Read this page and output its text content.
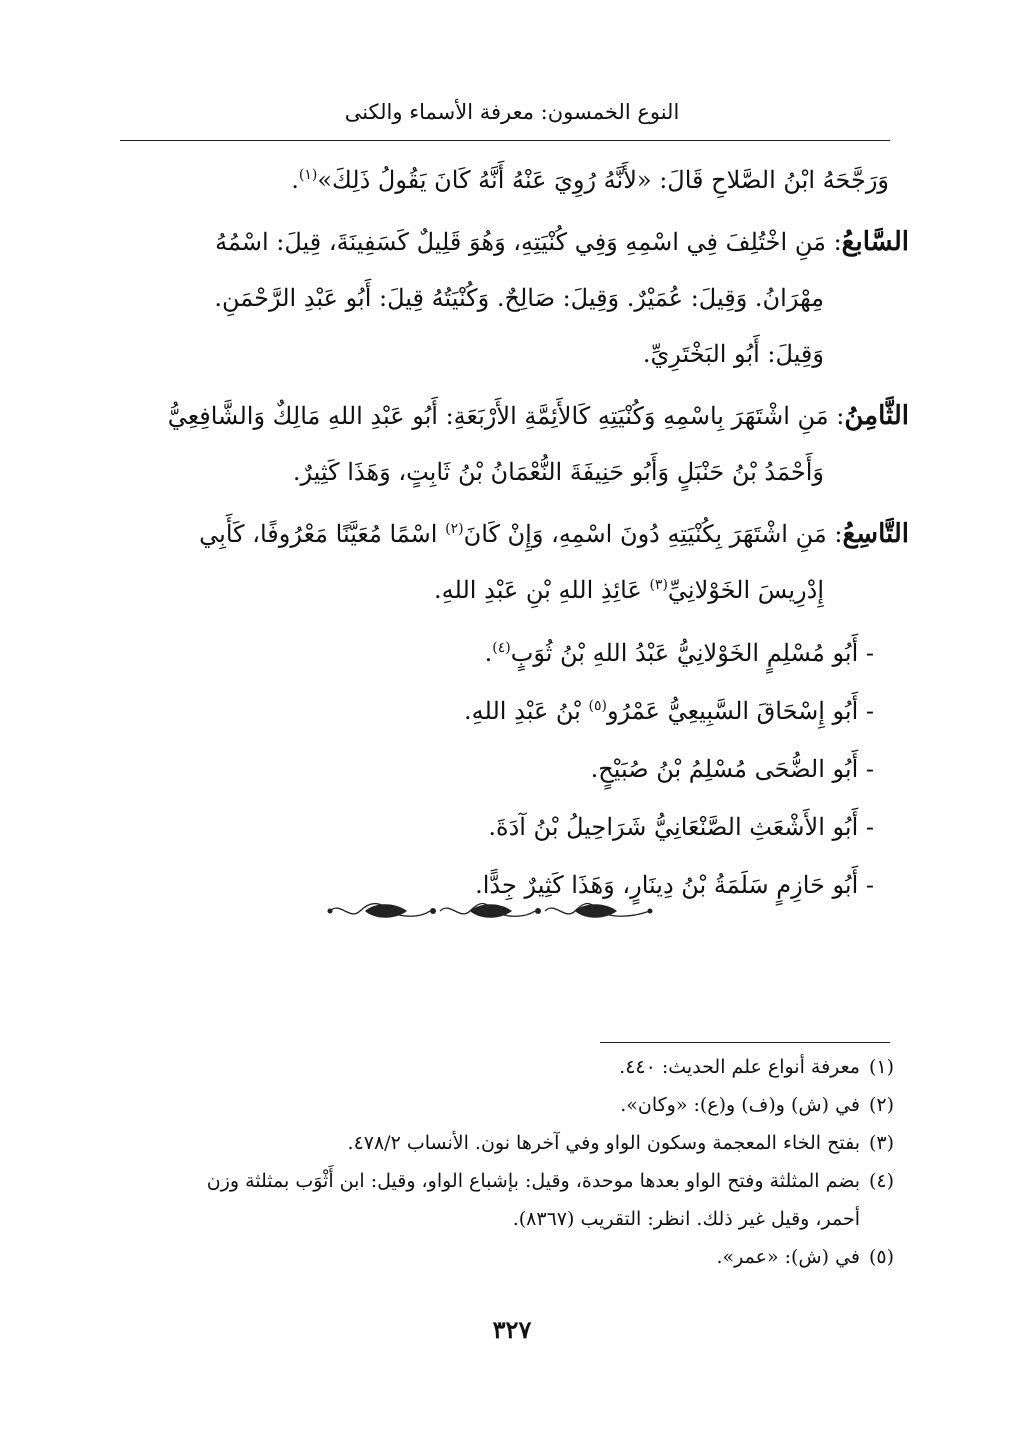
النوع الخمسون: معرفة الأسماء والكنى

وَرَجَّحَهُ ابْنُ الصَّلاحِ قَالَ: «لأَنَّهُ رُوِيَ عَنْهُ أَنَّهُ كَانَ يَقُولُ ذَلِكَ»$^{(١)}$.

السَّابعُ: مَنِ اخْتُلِفَ فِي اسْمِهِ وَفِي كُنْيَتِهِ، وَهُوَ قَلِيلٌ كَسَفِينَةَ، قِيلَ: اسْمُهُ
مِهْرَانُ. وَقِيلَ: عُمَيْرٌ. وَقِيلَ: صَالِحٌ. وَكُنْيَتُهُ قِيلَ: أَبُو عَبْدِ الرَّحْمَنِ.
وَقِيلَ: أَبُو البَخْتَرِيِّ.
الثَّامِنُ: مَنِ اشْتَهَرَ بِاسْمِهِ وَكُنْيَتِهِ كَالأَئِمَّةِ الأَرْبَعَةِ: أَبُو عَبْدِ اللهِ مَالِكٌ وَالشَّافِعِيُّ
وَأَحْمَدُ بْنُ حَنْبَلٍ وَأَبُو حَنِيفَةَ النُّعْمَانُ بْنُ ثَابِتٍ، وَهَذَا كَثِيرٌ.
التَّاسِعُ: مَنِ اشْتَهَرَ بِكُنْيَتِهِ دُونَ اسْمِهِ، وَإِنْ كَانَ$^{(٢)}$ اسْمًا مُعَيَّنًا مَعْرُوفًا، كَأَبِي
إِدْرِيسَ الخَوْلانِيِّ$^{(٣)}$ عَائِذِ اللهِ بْنِ عَبْدِ اللهِ.

- أَبُو مُسْلِمٍ الخَوْلانِيُّ عَبْدُ اللهِ بْنُ ثُوَبٍ$^{(٤)}$.

- أَبُو إِسْحَاقَ السَّبِيعِيُّ عَمْرُو$^{(٥)}$ بْنُ عَبْدِ اللهِ.

- أَبُو الضُّحَى مُسْلِمُ بْنُ صُبَيْحٍ.

- أَبُو الأَشْعَثِ الصَّنْعَانِيُّ شَرَاحِيلُ بْنُ آدَةَ.

- أَبُو حَازِمٍ سَلَمَةُ بْنُ دِينَارٍ، وَهَذَا كَثِيرٌ جِدًّا.

(١)معرفة أنواع علم الحديث: ٤٤٠.

(٢)في (ش) و(ف) و(ع): «وكان».

(٣)بفتح الخاء المعجمة وسكون الواو وفي آخرها نون. الأنساب ٤٧٨/٢.

(٤)بضم المثلثة وفتح الواو بعدها موحدة، وقيل: بإشباع الواو، وقيل: ابن أَثْوَب بمثلثة وزن

أحمر، وقيل غير ذلك. انظر: التقريب (٨٣٦٧).

(٥)في (ش): «عمر».

٣٢٧
